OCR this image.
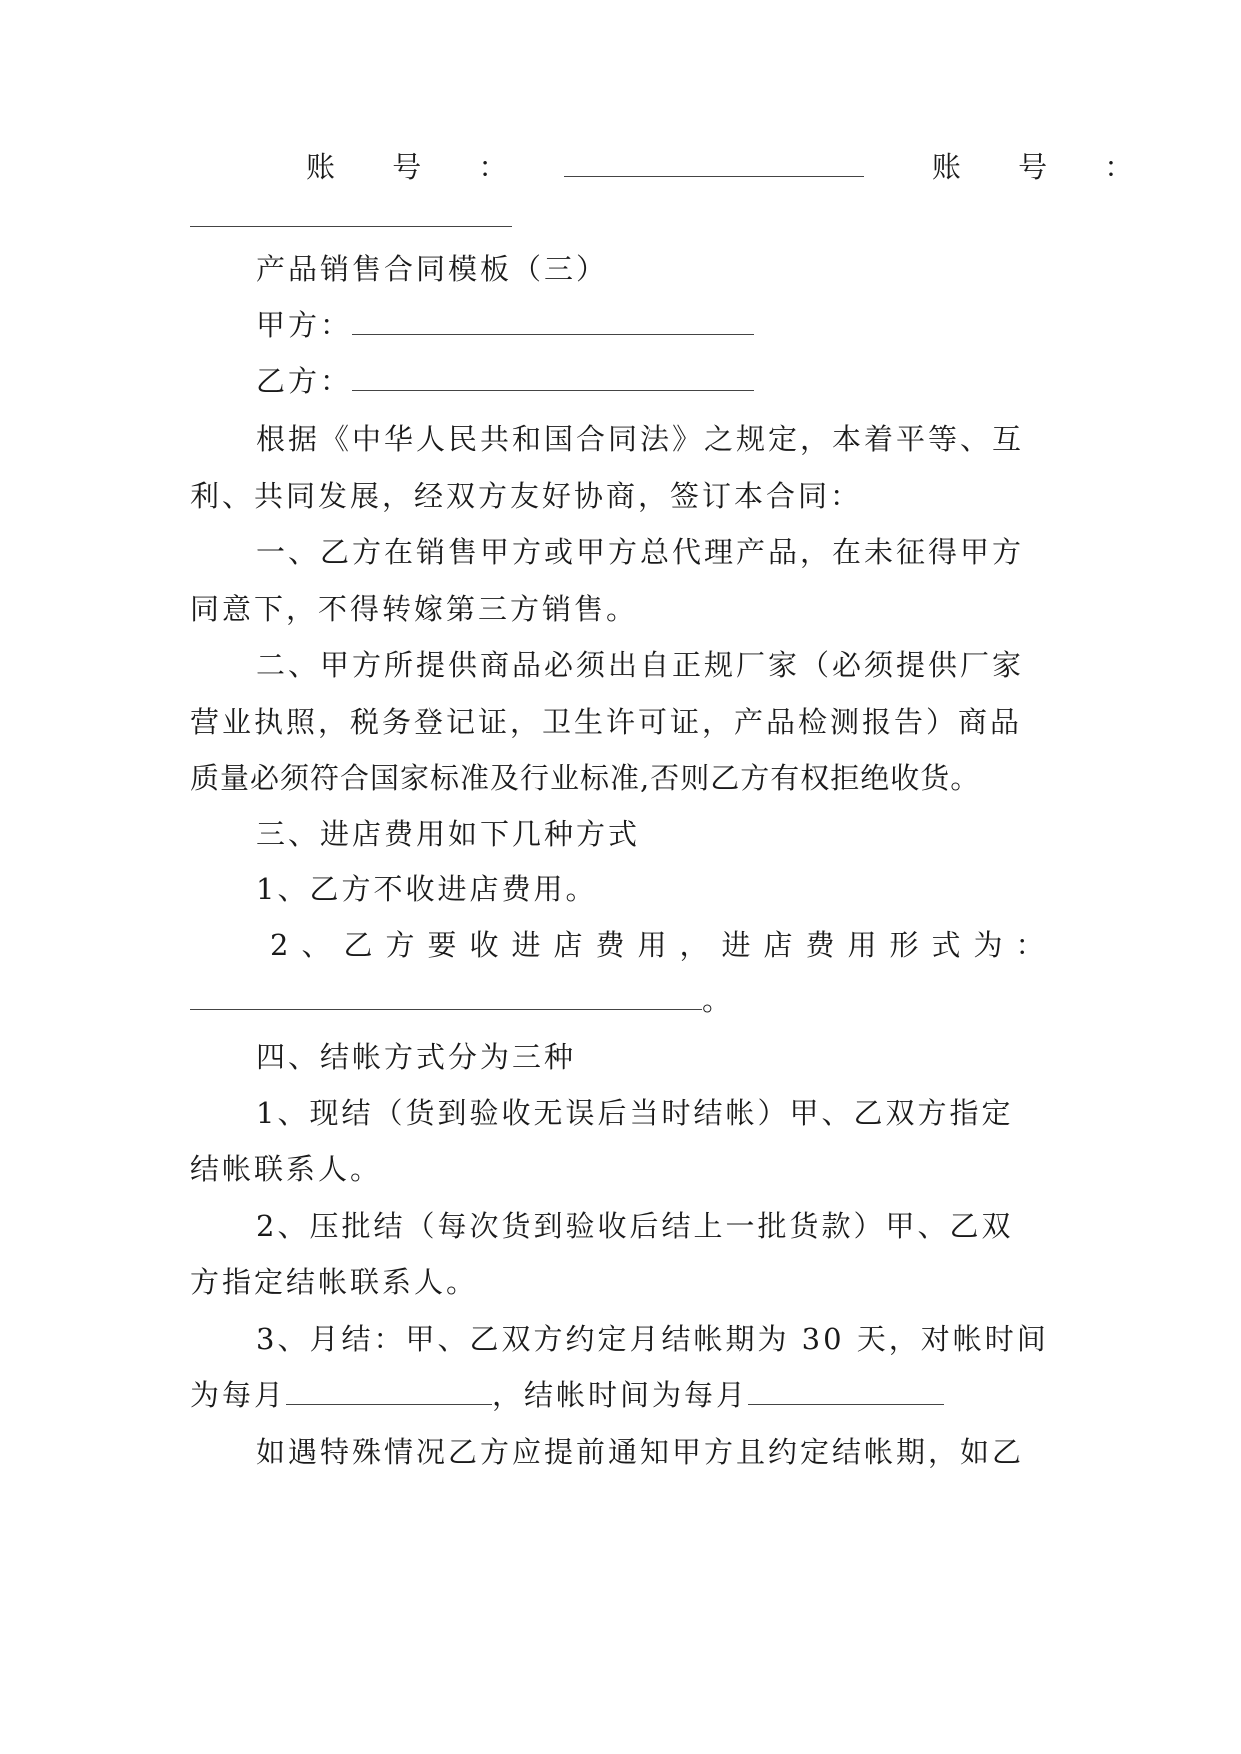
账 号 ：	账 号 ：
产品销售合同模板（三）
甲方：
乙方：
根据《中华人民共和国合同法》之规定，本着平等、互
利、共同发展，经双方友好协商，签订本合同：
一、乙方在销售甲方或甲方总代理产品，在未征得甲方
同意下，不得转嫁第三方销售。
二、甲方所提供商品必须出自正规厂家（必须提供厂家
营业执照，税务登记证，卫生许可证，产品检测报告）商品
质量必须符合国家标准及行业标准,否则乙方有权拒绝收货。
三、进店费用如下几种方式
1、乙方不收进店费用。
2、乙方要收进店费用，进店费用形式为：
。
四、结帐方式分为三种
1、现结（货到验收无误后当时结帐）甲、乙双方指定
结帐联系人。
2、压批结（每次货到验收后结上一批货款）甲、乙双
方指定结帐联系人。
3、月结：甲、乙双方约定月结帐期为 30 天，对帐时间
为每月	，结帐时间为每月
如遇特殊情况乙方应提前通知甲方且约定结帐期，如乙
